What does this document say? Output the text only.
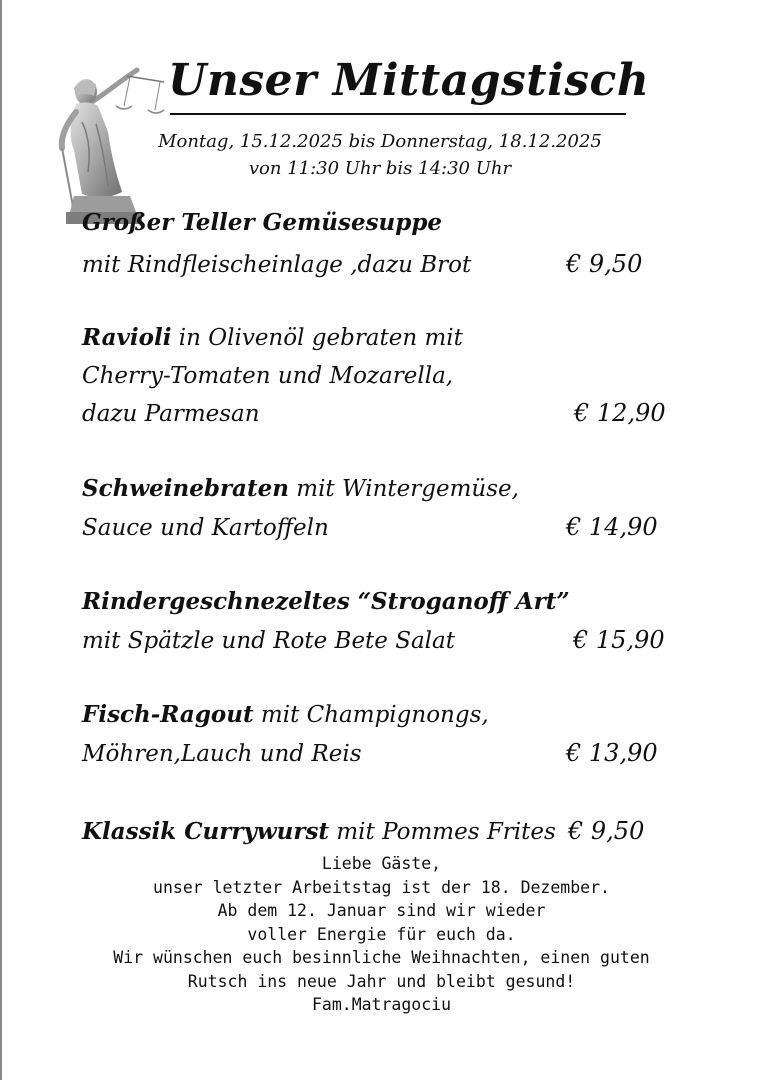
Unser Mittagstisch
Montag, 15.12.2025 bis Donnerstag, 18.12.2025
von 11:30 Uhr bis 14:30 Uhr
Großer Teller Gemüsesuppe
mit Rindfleischeinlage ,dazu Brot	€ 9,50
Ravioli in Olivenöl gebraten mit
Cherry-Tomaten und Mozarella,
dazu Parmesan	€ 12,90
Schweinebraten mit Wintergemüse,
Sauce und Kartoffeln	€ 14,90
Rindergeschnezeltes “Stroganoff Art”
mit Spätzle und Rote Bete Salat	€ 15,90
Fisch-Ragout mit Champignongs,
Möhren,Lauch und Reis	€ 13,90
Klassik Currywurst mit Pommes Frites € 9,50
Liebe Gäste,
unser letzter Arbeitstag ist der 18. Dezember.
Ab dem 12. Januar sind wir wieder
voller Energie für euch da.
Wir wünschen euch besinnliche Weihnachten, einen guten
Rutsch ins neue Jahr und bleibt gesund!
Fam.Matragociu
